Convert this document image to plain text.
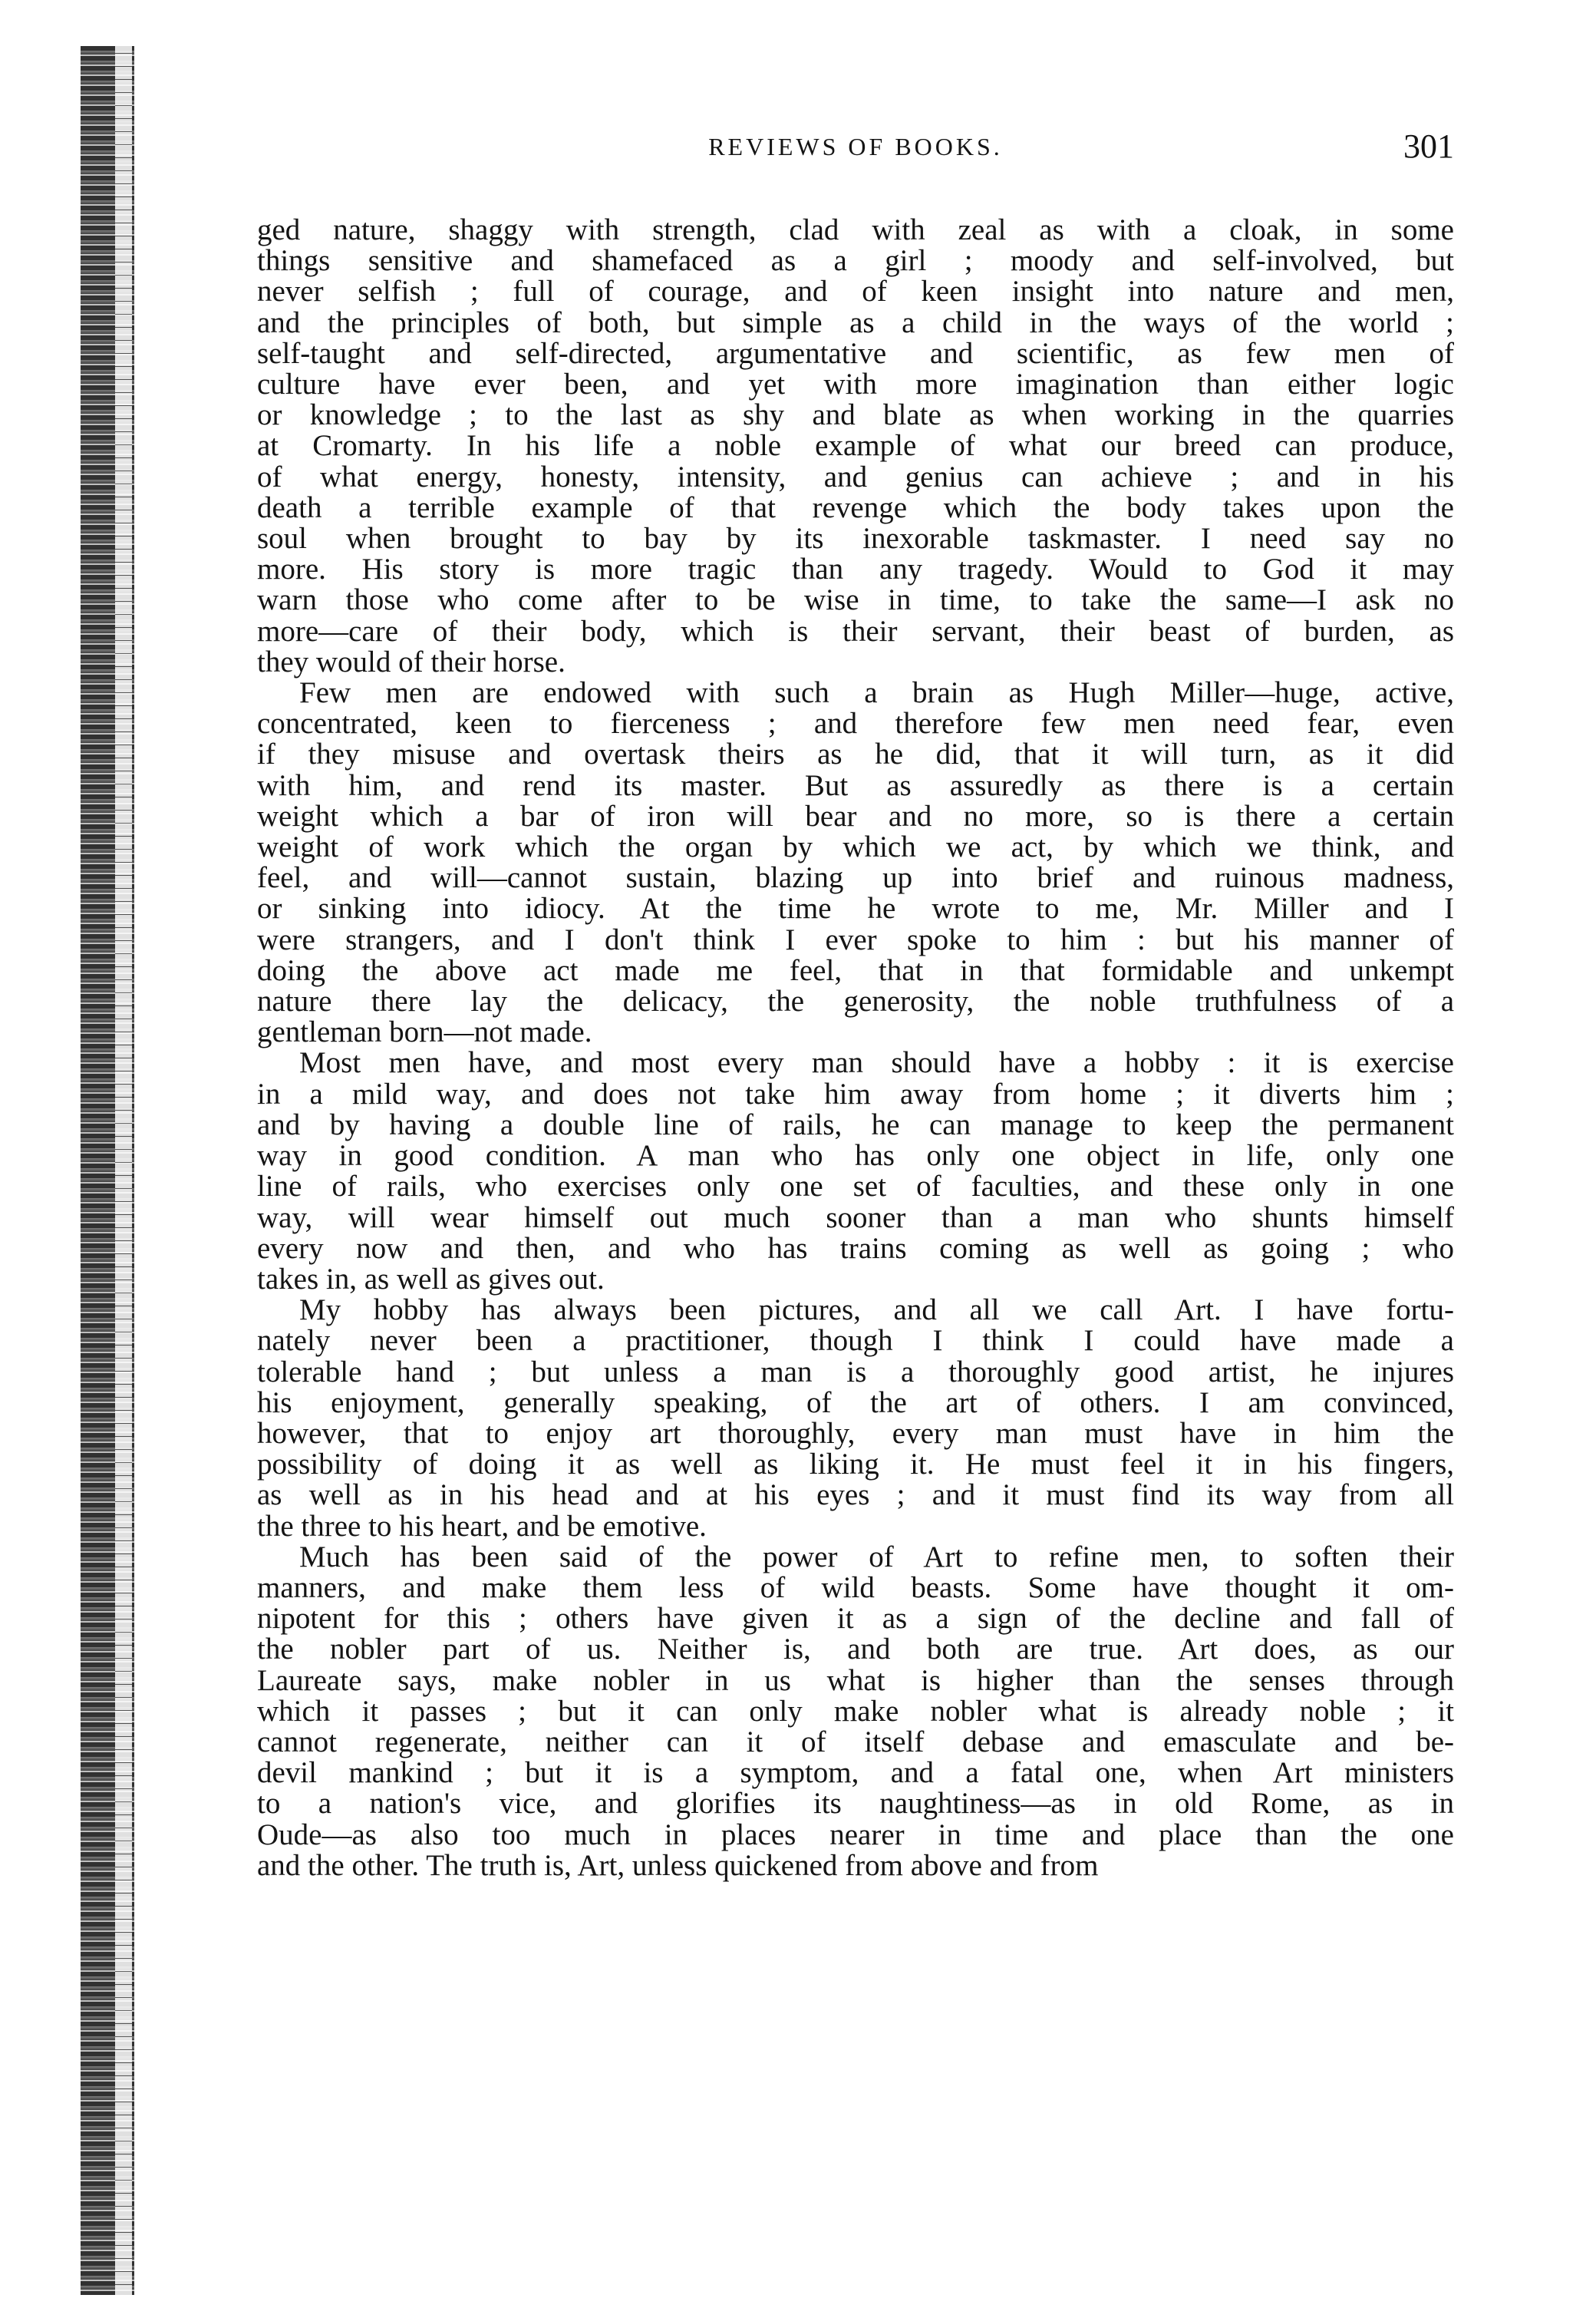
REVIEWS OF BOOKS.	301
ged nature, shaggy with strength, clad with zeal as with a cloak, in some
things sensitive and shamefaced as a girl ; moody and self-involved, but
never selfish ; full of courage, and of keen insight into nature and men,
and the principles of both, but simple as a child in the ways of the world ;
self-taught and self-directed, argumentative and scientific, as few men of
culture have ever been, and yet with more imagination than either logic
or knowledge ; to the last as shy and blate as when working in the quarries
at Cromarty. In his life a noble example of what our breed can produce,
of what energy, honesty, intensity, and genius can achieve ; and in his
death a terrible example of that revenge which the body takes upon the
soul when brought to bay by its inexorable taskmaster. I need say no
more. His story is more tragic than any tragedy. Would to God it may
warn those who come after to be wise in time, to take the same—I ask no
more—care of their body, which is their servant, their beast of burden, as
they would of their horse.
Few men are endowed with such a brain as Hugh Miller—huge, active,
concentrated, keen to fierceness ; and therefore few men need fear, even
if they misuse and overtask theirs as he did, that it will turn, as it did
with him, and rend its master. But as assuredly as there is a certain
weight which a bar of iron will bear and no more, so is there a certain
weight of work which the organ by which we act, by which we think, and
feel, and will—cannot sustain, blazing up into brief and ruinous madness,
or sinking into idiocy. At the time he wrote to me, Mr. Miller and I
were strangers, and I don't think I ever spoke to him : but his manner of
doing the above act made me feel, that in that formidable and unkempt
nature there lay the delicacy, the generosity, the noble truthfulness of a
gentleman born—not made.
Most men have, and most every man should have a hobby : it is exercise
in a mild way, and does not take him away from home ; it diverts him ;
and by having a double line of rails, he can manage to keep the permanent
way in good condition. A man who has only one object in life, only one
line of rails, who exercises only one set of faculties, and these only in one
way, will wear himself out much sooner than a man who shunts himself
every now and then, and who has trains coming as well as going ; who
takes in, as well as gives out.
My hobby has always been pictures, and all we call Art. I have fortu-
nately never been a practitioner, though I think I could have made a
tolerable hand ; but unless a man is a thoroughly good artist, he injures
his enjoyment, generally speaking, of the art of others. I am convinced,
however, that to enjoy art thoroughly, every man must have in him the
possibility of doing it as well as liking it. He must feel it in his fingers,
as well as in his head and at his eyes ; and it must find its way from all
the three to his heart, and be emotive.
Much has been said of the power of Art to refine men, to soften their
manners, and make them less of wild beasts. Some have thought it om-
nipotent for this ; others have given it as a sign of the decline and fall of
the nobler part of us. Neither is, and both are true. Art does, as our
Laureate says, make nobler in us what is higher than the senses through
which it passes ; but it can only make nobler what is already noble ; it
cannot regenerate, neither can it of itself debase and emasculate and be-
devil mankind ; but it is a symptom, and a fatal one, when Art ministers
to a nation's vice, and glorifies its naughtiness—as in old Rome, as in
Oude—as also too much in places nearer in time and place than the one
and the other. The truth is, Art, unless quickened from above and from
